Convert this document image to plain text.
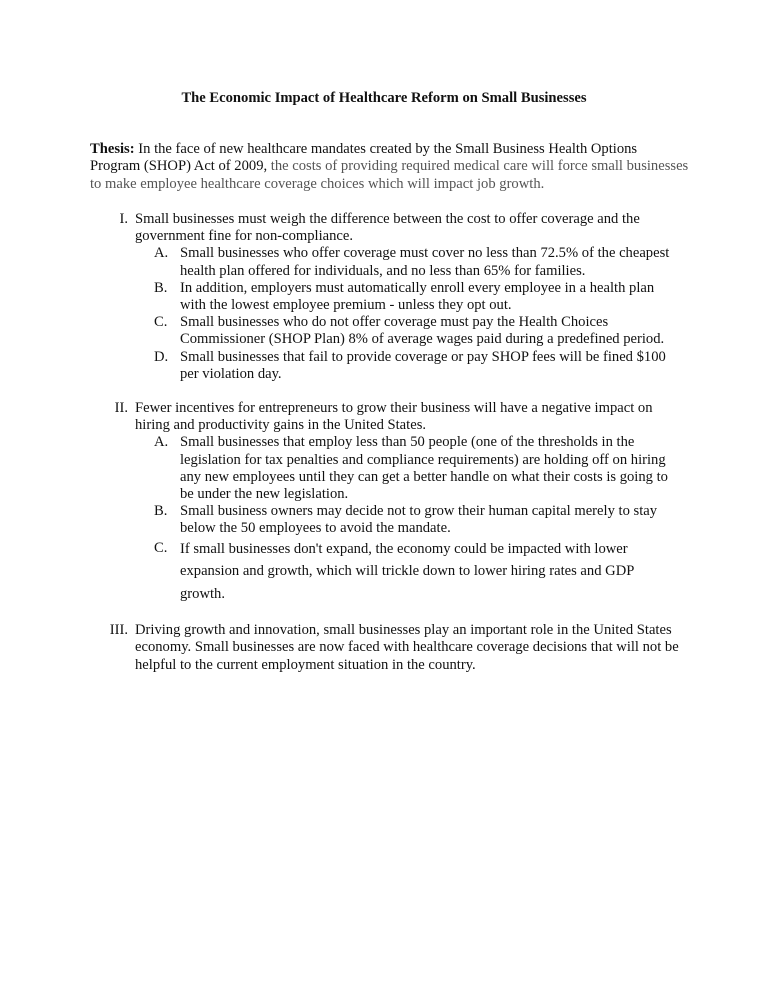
The Economic Impact of Healthcare Reform on Small Businesses
Thesis: In the face of new healthcare mandates created by the Small Business Health Options Program (SHOP) Act of 2009, the costs of providing required medical care will force small businesses to make employee healthcare coverage choices which will impact job growth.
I. Small businesses must weigh the difference between the cost to offer coverage and the government fine for non-compliance.
A. Small businesses who offer coverage must cover no less than 72.5% of the cheapest health plan offered for individuals, and no less than 65% for families.
B. In addition, employers must automatically enroll every employee in a health plan with the lowest employee premium - unless they opt out.
C. Small businesses who do not offer coverage must pay the Health Choices Commissioner (SHOP Plan) 8% of average wages paid during a predefined period.
D. Small businesses that fail to provide coverage or pay SHOP fees will be fined $100 per violation day.
II. Fewer incentives for entrepreneurs to grow their business will have a negative impact on hiring and productivity gains in the United States.
A. Small businesses that employ less than 50 people (one of the thresholds in the legislation for tax penalties and compliance requirements) are holding off on hiring any new employees until they can get a better handle on what their costs is going to be under the new legislation.
B. Small business owners may decide not to grow their human capital merely to stay below the 50 employees to avoid the mandate.
C. If small businesses don't expand, the economy could be impacted with lower expansion and growth, which will trickle down to lower hiring rates and GDP growth.
III. Driving growth and innovation, small businesses play an important role in the United States economy. Small businesses are now faced with healthcare coverage decisions that will not be helpful to the current employment situation in the country.
